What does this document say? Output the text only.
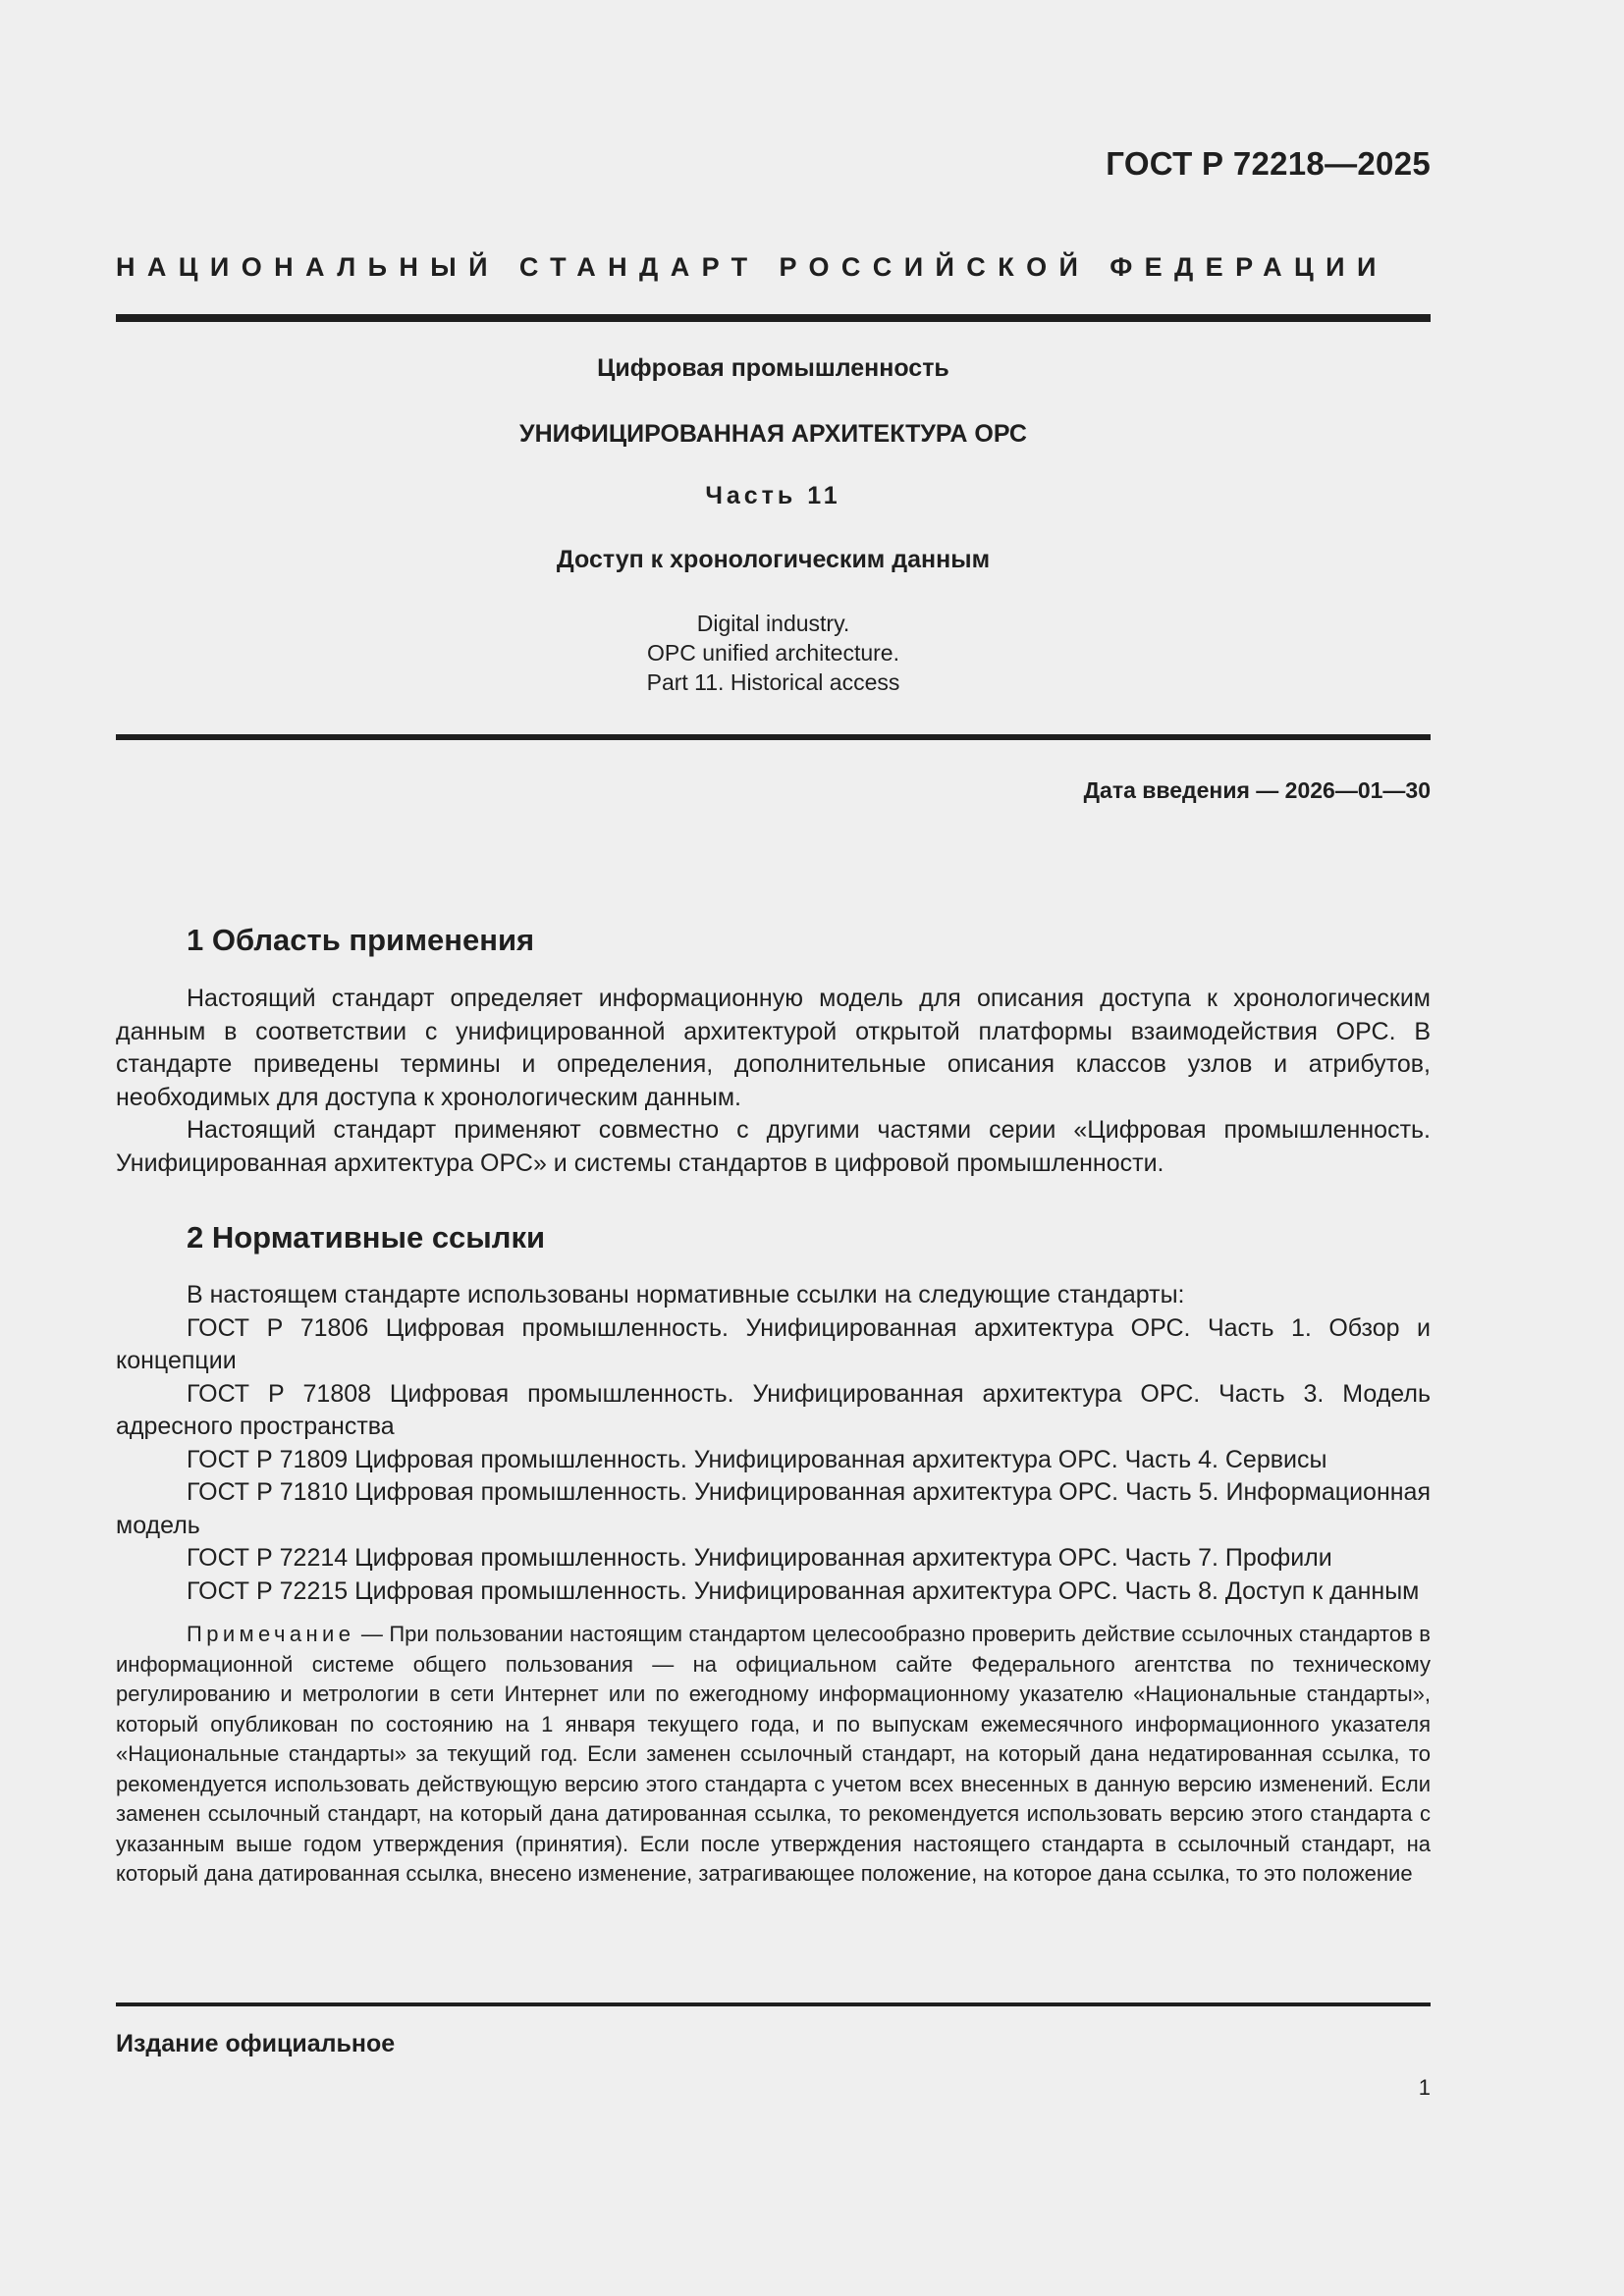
ГОСТ Р 72218—2025
НАЦИОНАЛЬНЫЙ СТАНДАРТ РОССИЙСКОЙ ФЕДЕРАЦИИ
Цифровая промышленность
УНИФИЦИРОВАННАЯ АРХИТЕКТУРА ОРС
Часть 11
Доступ к хронологическим данным
Digital industry.
OPC unified architecture.
Part 11. Historical access
Дата введения — 2026—01—30
1 Область применения

Настоящий стандарт определяет информационную модель для описания доступа к хронологическим данным в соответствии с унифицированной архитектурой открытой платформы взаимодействия ОРС. В стандарте приведены термины и определения, дополнительные описания классов узлов и атрибутов, необходимых для доступа к хронологическим данным.

Настоящий стандарт применяют совместно с другими частями серии «Цифровая промышленность. Унифицированная архитектура ОРС» и системы стандартов в цифровой промышленности.

2 Нормативные ссылки

В настоящем стандарте использованы нормативные ссылки на следующие стандарты:

ГОСТ Р 71806 Цифровая промышленность. Унифицированная архитектура ОРС. Часть 1. Обзор и концепции

ГОСТ Р 71808 Цифровая промышленность. Унифицированная архитектура ОРС. Часть 3. Модель адресного пространства

ГОСТ Р 71809 Цифровая промышленность. Унифицированная архитектура ОРС. Часть 4. Сервисы

ГОСТ Р 71810 Цифровая промышленность. Унифицированная архитектура ОРС. Часть 5. Информационная модель

ГОСТ Р 72214 Цифровая промышленность. Унифицированная архитектура ОРС. Часть 7. Профили

ГОСТ Р 72215 Цифровая промышленность. Унифицированная архитектура ОРС. Часть 8. Доступ к данным

Примечание — При пользовании настоящим стандартом целесообразно проверить действие ссылочных стандартов в информационной системе общего пользования — на официальном сайте Федерального агентства по техническому регулированию и метрологии в сети Интернет или по ежегодному информационному указателю «Национальные стандарты», который опубликован по состоянию на 1 января текущего года, и по выпускам ежемесячного информационного указателя «Национальные стандарты» за текущий год. Если заменен ссылочный стандарт, на который дана недатированная ссылка, то рекомендуется использовать действующую версию этого стандарта с учетом всех внесенных в данную версию изменений. Если заменен ссылочный стандарт, на который дана датированная ссылка, то рекомендуется использовать версию этого стандарта с указанным выше годом утверждения (принятия). Если после утверждения настоящего стандарта в ссылочный стандарт, на который дана датированная ссылка, внесено изменение, затрагивающее положение, на которое дана ссылка, то это положение

Издание официальное
1
